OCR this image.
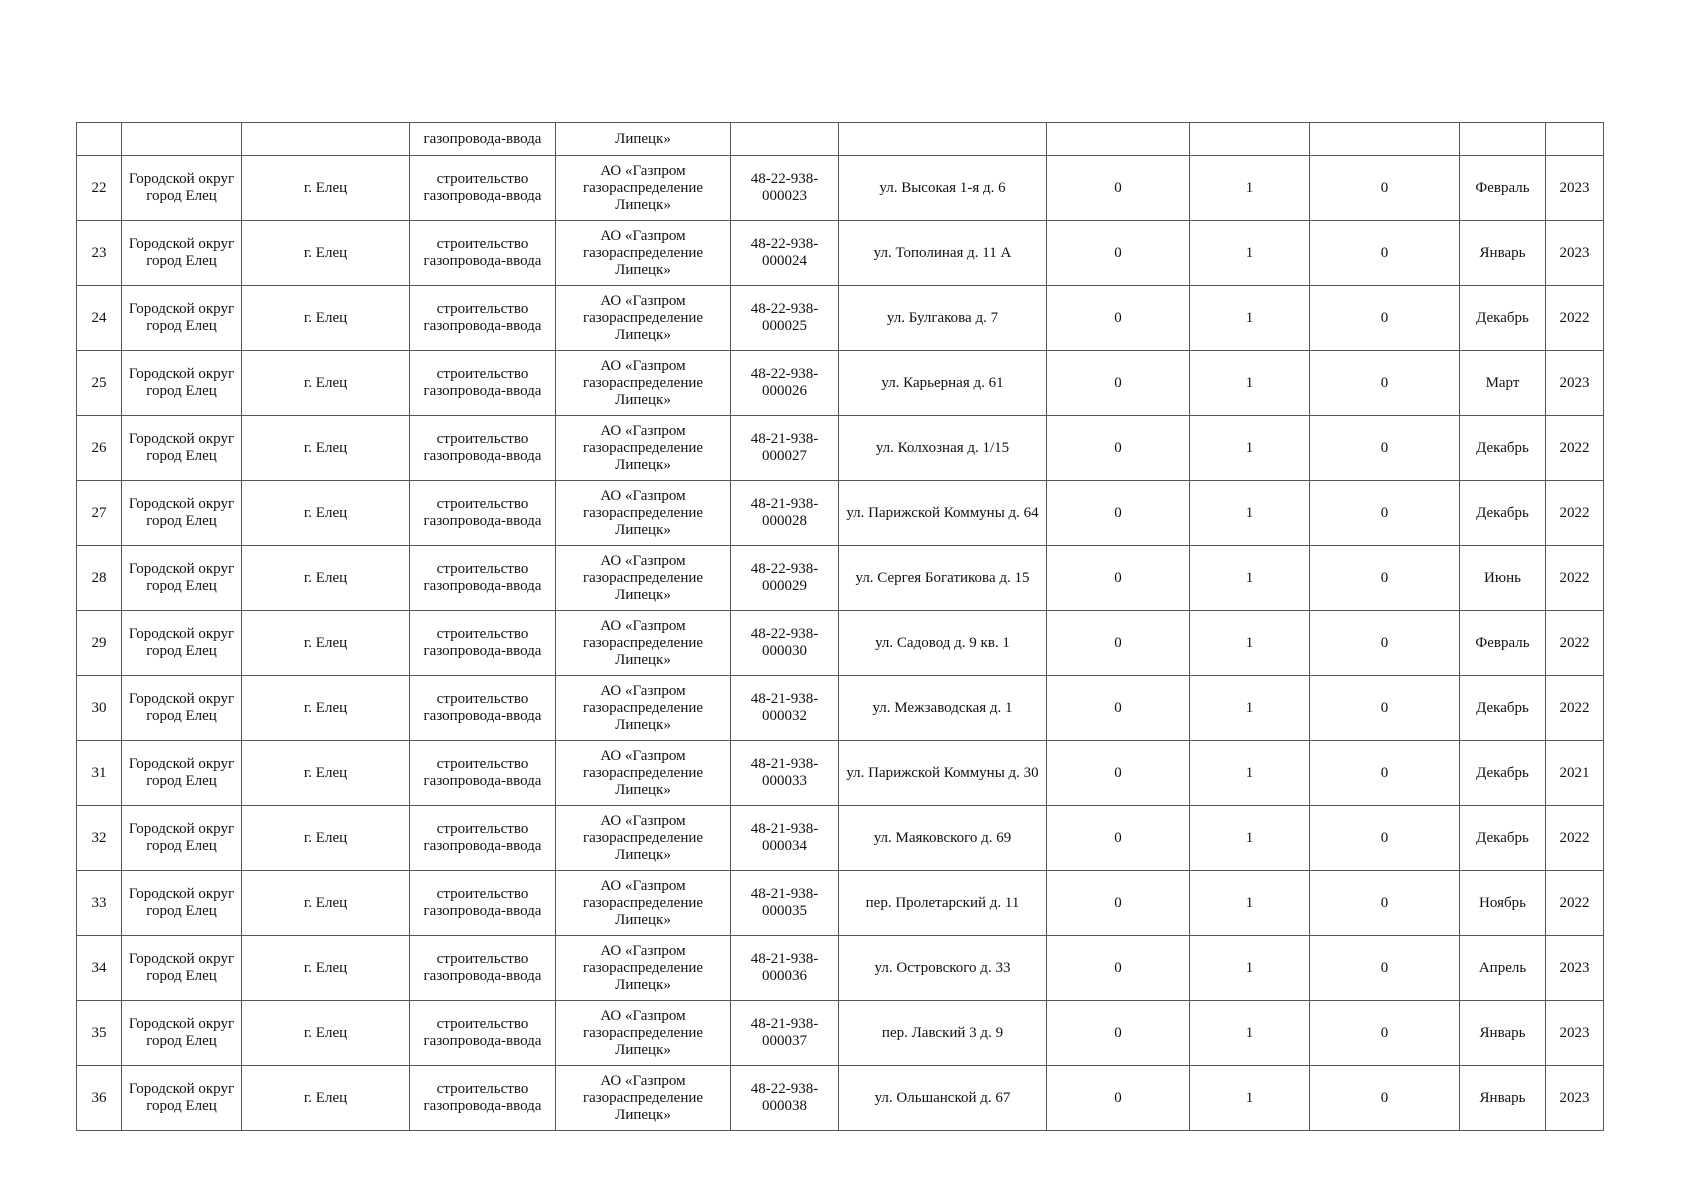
			газопровода-ввода	Липецк»							
22	Городской округ город Елец	г. Елец	строительство газопровода-ввода	АО «Газпром газораспределение Липецк»	48-22-938-000023	ул. Высокая 1-я д. 6	0	1	0	Февраль	2023
23	Городской округ город Елец	г. Елец	строительство газопровода-ввода	АО «Газпром газораспределение Липецк»	48-22-938-000024	ул. Тополиная д. 11 А	0	1	0	Январь	2023
24	Городской округ город Елец	г. Елец	строительство газопровода-ввода	АО «Газпром газораспределение Липецк»	48-22-938-000025	ул. Булгакова д. 7	0	1	0	Декабрь	2022
25	Городской округ город Елец	г. Елец	строительство газопровода-ввода	АО «Газпром газораспределение Липецк»	48-22-938-000026	ул. Карьерная д. 61	0	1	0	Март	2023
26	Городской округ город Елец	г. Елец	строительство газопровода-ввода	АО «Газпром газораспределение Липецк»	48-21-938-000027	ул. Колхозная д. 1/15	0	1	0	Декабрь	2022
27	Городской округ город Елец	г. Елец	строительство газопровода-ввода	АО «Газпром газораспределение Липецк»	48-21-938-000028	ул. Парижской Коммуны д. 64	0	1	0	Декабрь	2022
28	Городской округ город Елец	г. Елец	строительство газопровода-ввода	АО «Газпром газораспределение Липецк»	48-22-938-000029	ул. Сергея Богатикова д. 15	0	1	0	Июнь	2022
29	Городской округ город Елец	г. Елец	строительство газопровода-ввода	АО «Газпром газораспределение Липецк»	48-22-938-000030	ул. Садовод д. 9 кв. 1	0	1	0	Февраль	2022
30	Городской округ город Елец	г. Елец	строительство газопровода-ввода	АО «Газпром газораспределение Липецк»	48-21-938-000032	ул. Межзаводская д. 1	0	1	0	Декабрь	2022
31	Городской округ город Елец	г. Елец	строительство газопровода-ввода	АО «Газпром газораспределение Липецк»	48-21-938-000033	ул. Парижской Коммуны д. 30	0	1	0	Декабрь	2021
32	Городской округ город Елец	г. Елец	строительство газопровода-ввода	АО «Газпром газораспределение Липецк»	48-21-938-000034	ул. Маяковского д. 69	0	1	0	Декабрь	2022
33	Городской округ город Елец	г. Елец	строительство газопровода-ввода	АО «Газпром газораспределение Липецк»	48-21-938-000035	пер. Пролетарский д. 11	0	1	0	Ноябрь	2022
34	Городской округ город Елец	г. Елец	строительство газопровода-ввода	АО «Газпром газораспределение Липецк»	48-21-938-000036	ул. Островского д. 33	0	1	0	Апрель	2023
35	Городской округ город Елец	г. Елец	строительство газопровода-ввода	АО «Газпром газораспределение Липецк»	48-21-938-000037	пер. Лавский 3 д. 9	0	1	0	Январь	2023
36	Городской округ город Елец	г. Елец	строительство газопровода-ввода	АО «Газпром газораспределение Липецк»	48-22-938-000038	ул. Ольшанской д. 67	0	1	0	Январь	2023
